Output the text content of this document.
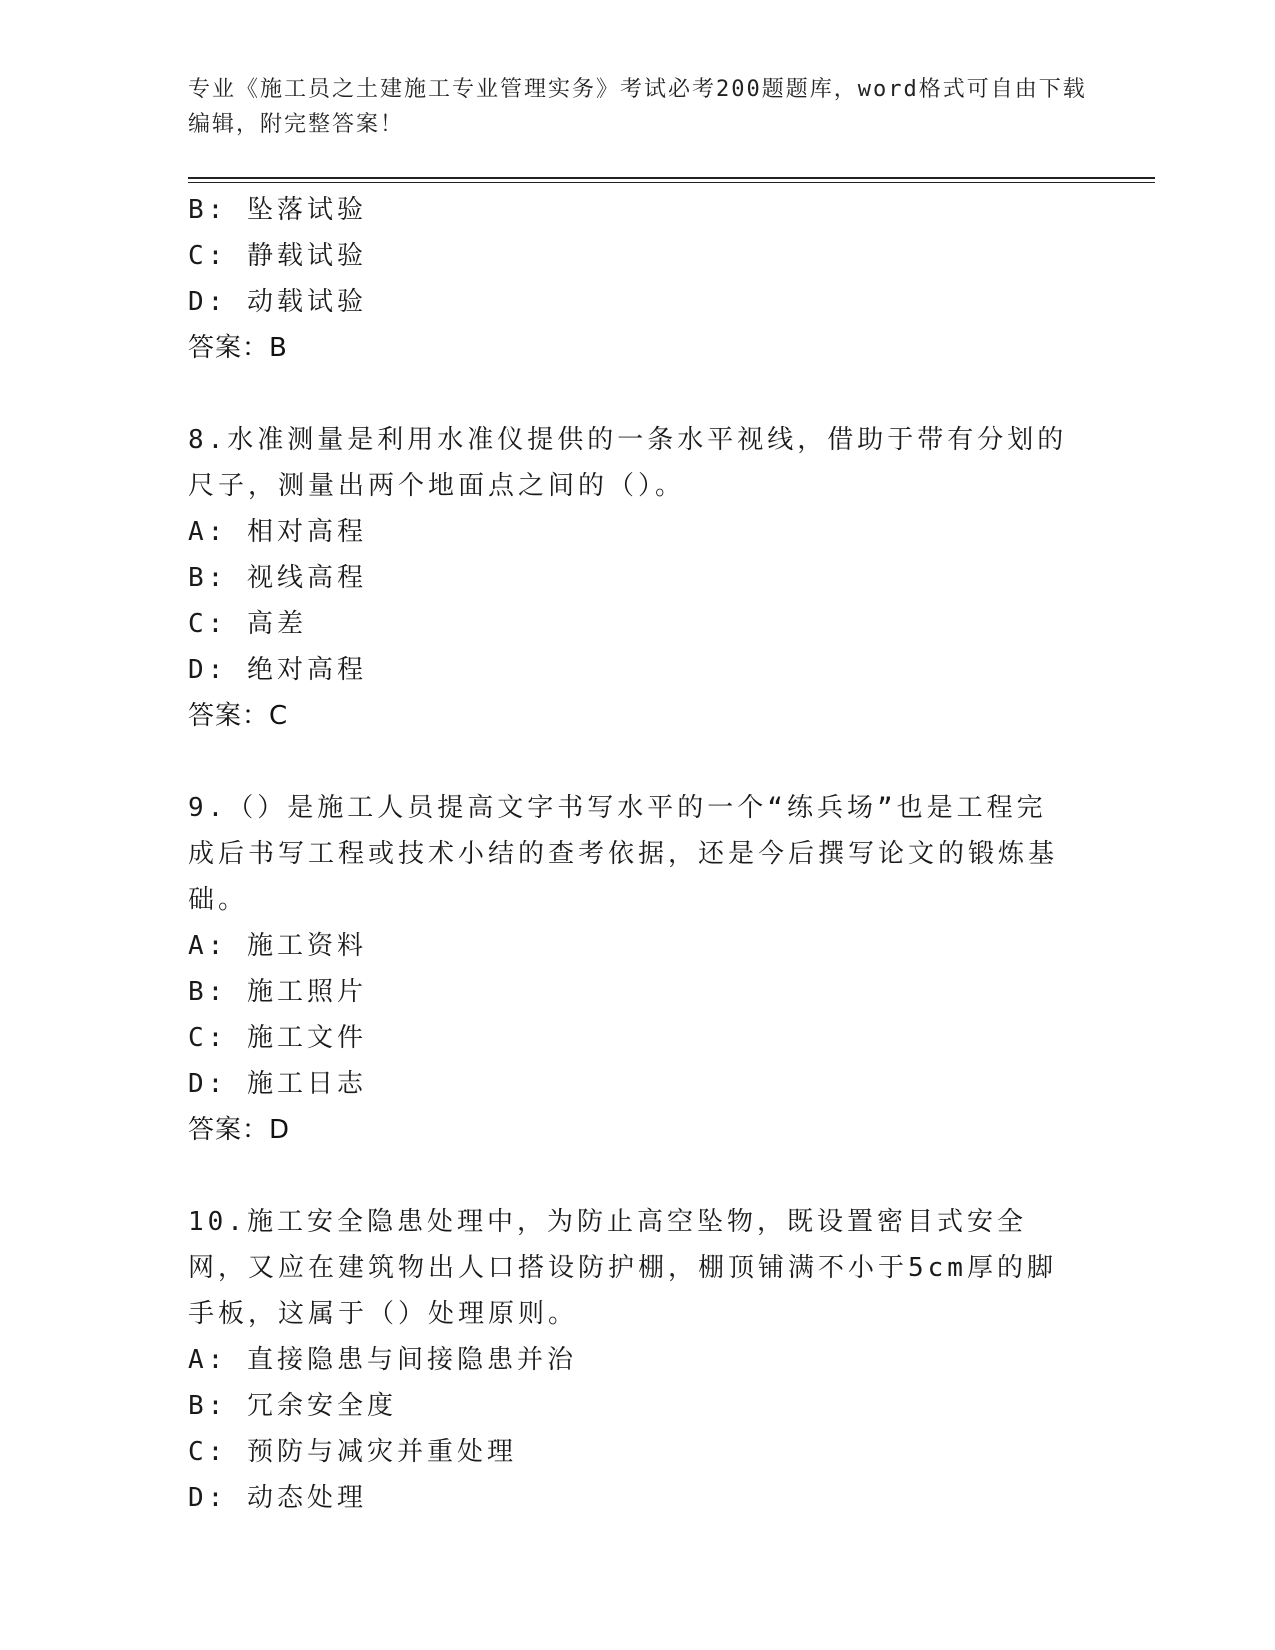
专业《施工员之土建施工专业管理实务》考试必考200题题库，word格式可自由下载编辑，附完整答案！
B: 坠落试验
C: 静载试验
D: 动载试验
答案：B
8.水准测量是利用水准仪提供的一条水平视线，借助于带有分划的尺子，测量出两个地面点之间的（）。
A: 相对高程
B: 视线高程
C: 高差
D: 绝对高程
答案：C
9.（）是施工人员提高文字书写水平的一个“练兵场”也是工程完成后书写工程或技术小结的查考依据，还是今后撰写论文的锻炼基础。
A: 施工资料
B: 施工照片
C: 施工文件
D: 施工日志
答案：D
10.施工安全隐患处理中，为防止高空坠物，既设置密目式安全网，又应在建筑物出人口搭设防护棚，棚顶铺满不小于5cm厚的脚手板，这属于（）处理原则。
A: 直接隐患与间接隐患并治
B: 冗余安全度
C: 预防与减灾并重处理
D: 动态处理
